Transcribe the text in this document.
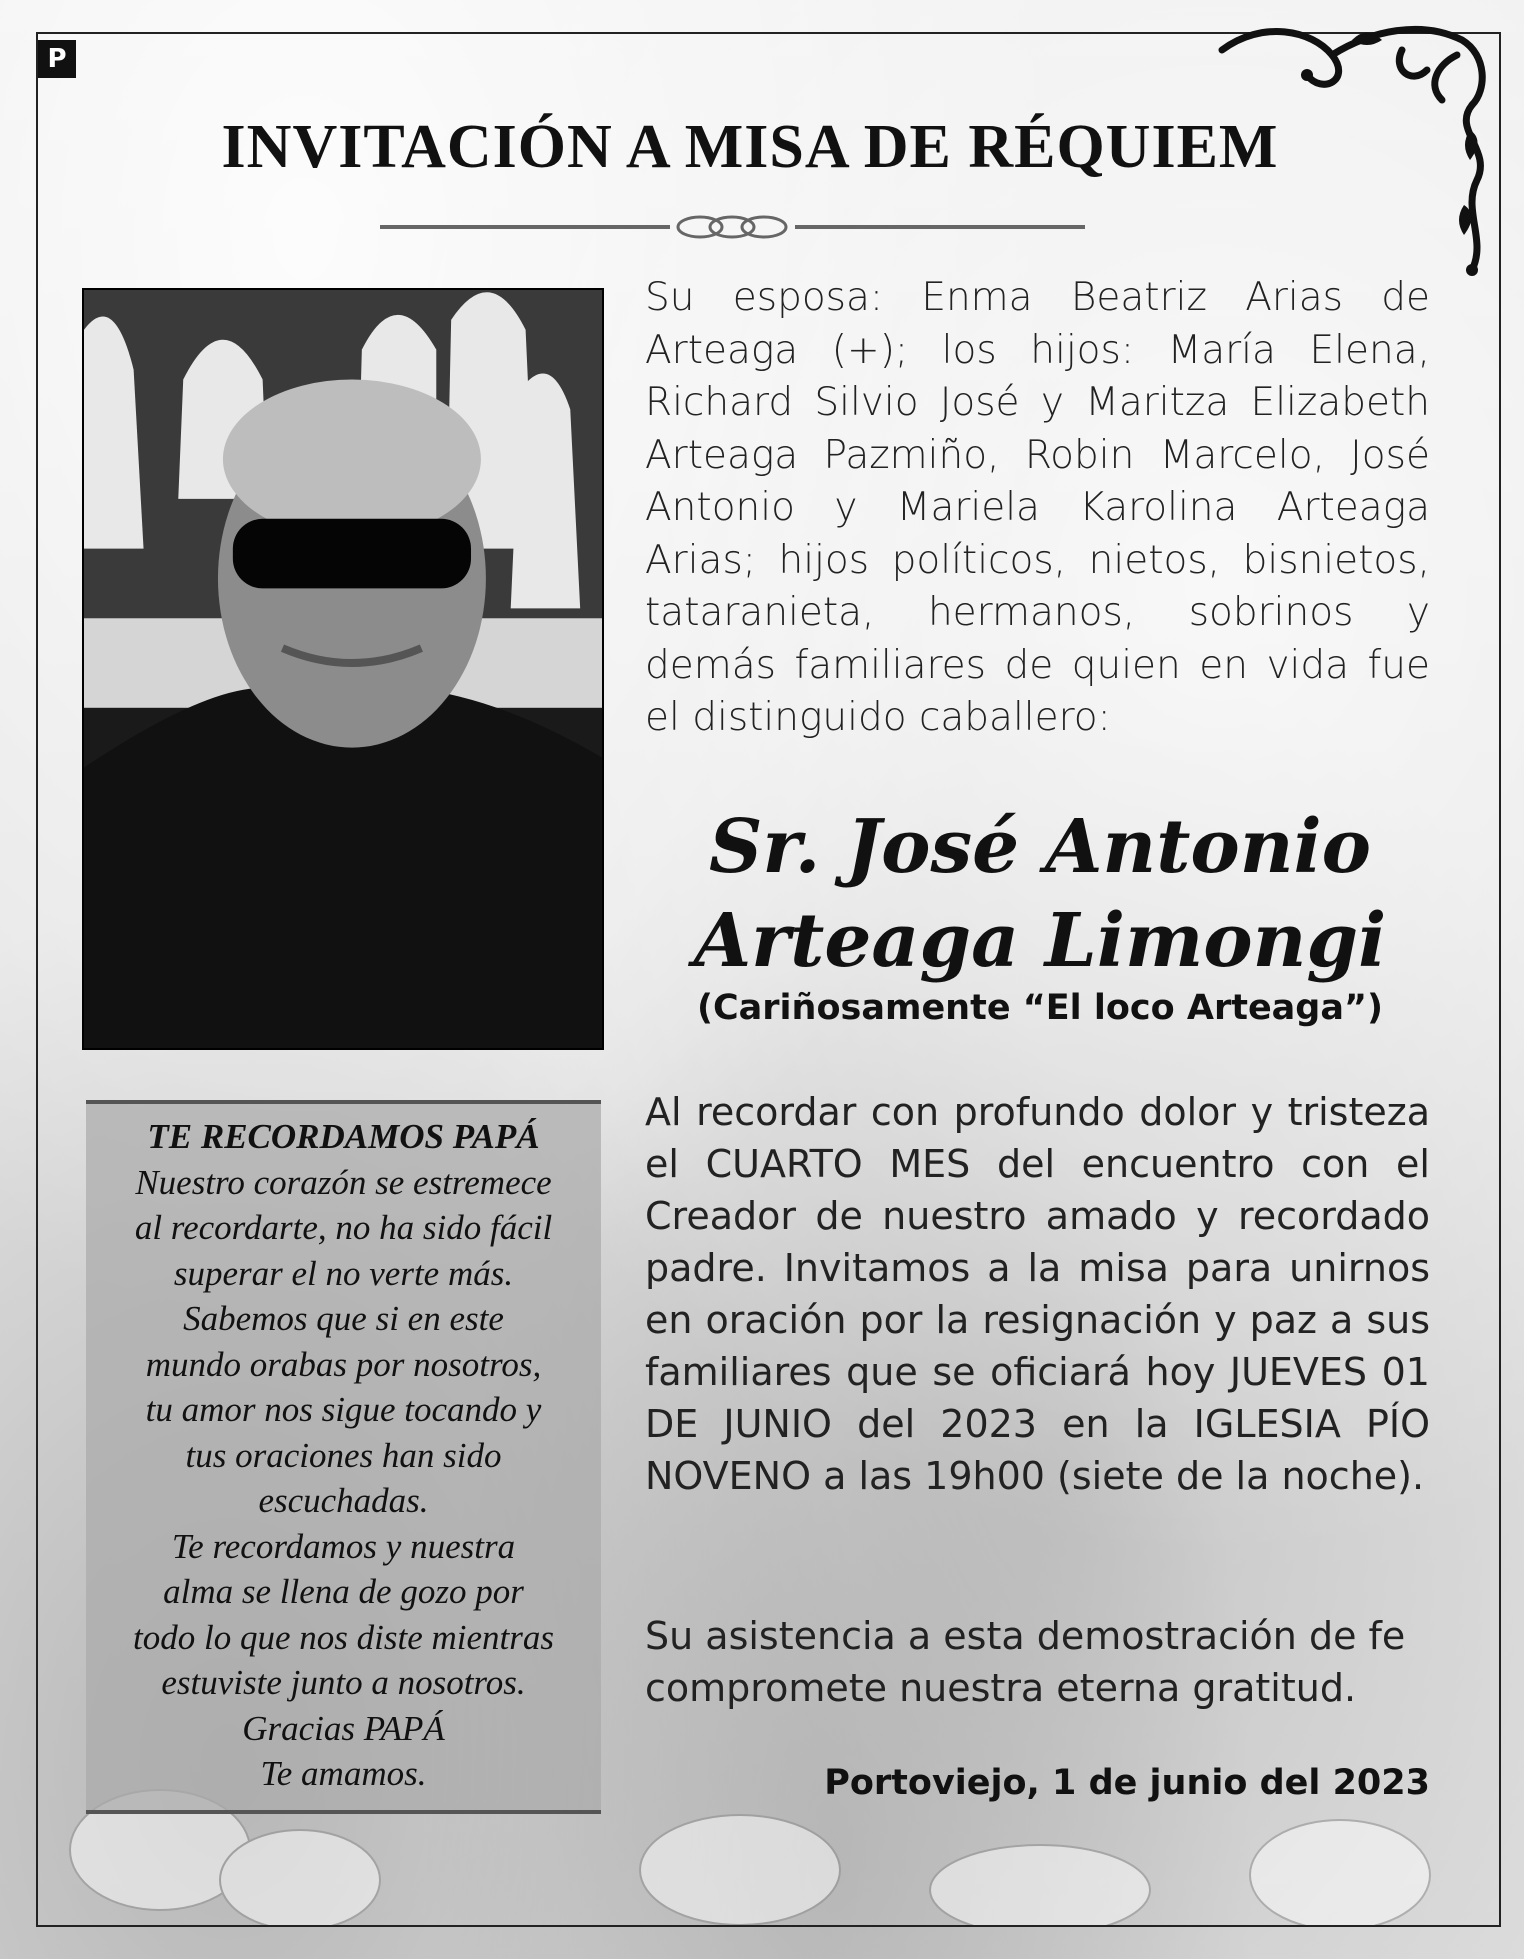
P
INVITACIÓN A MISA DE RÉQUIEM

Su esposa: Enma Beatriz Arias de Arteaga (+); los hijos: María Elena, Richard Silvio José y Maritza Elizabeth Arteaga Pazmiño, Robin Marcelo, José Antonio y Mariela Karolina Arteaga Arias; hijos políticos, nietos, bisnietos, tataranieta, hermanos, sobrinos y demás familiares de quien en vida fue el distinguido caballero:

Sr. José Antonio
Arteaga Limongi
(Cariñosamente “El loco Arteaga”)

Al recordar con profundo dolor y tristeza el CUARTO MES del encuentro con el Creador de nuestro amado y recordado padre. Invitamos a la misa para unirnos en oración por la resignación y paz a sus familiares que se oficiará hoy JUEVES 01 DE JUNIO del 2023 en la IGLESIA PÍO NOVENO a las 19h00 (siete de la noche).

Su asistencia a esta demostración de fe compromete nuestra eterna gratitud.

Portoviejo, 1 de junio del 2023
TE RECORDAMOS PAPÁ
Nuestro corazón se estremece
al recordarte, no ha sido fácil
superar el no verte más.
Sabemos que si en este
mundo orabas por nosotros,
tu amor nos sigue tocando y
tus oraciones han sido
escuchadas.
Te recordamos y nuestra
alma se llena de gozo por
todo lo que nos diste mientras
estuviste junto a nosotros.
Gracias PAPÁ
Te amamos.
